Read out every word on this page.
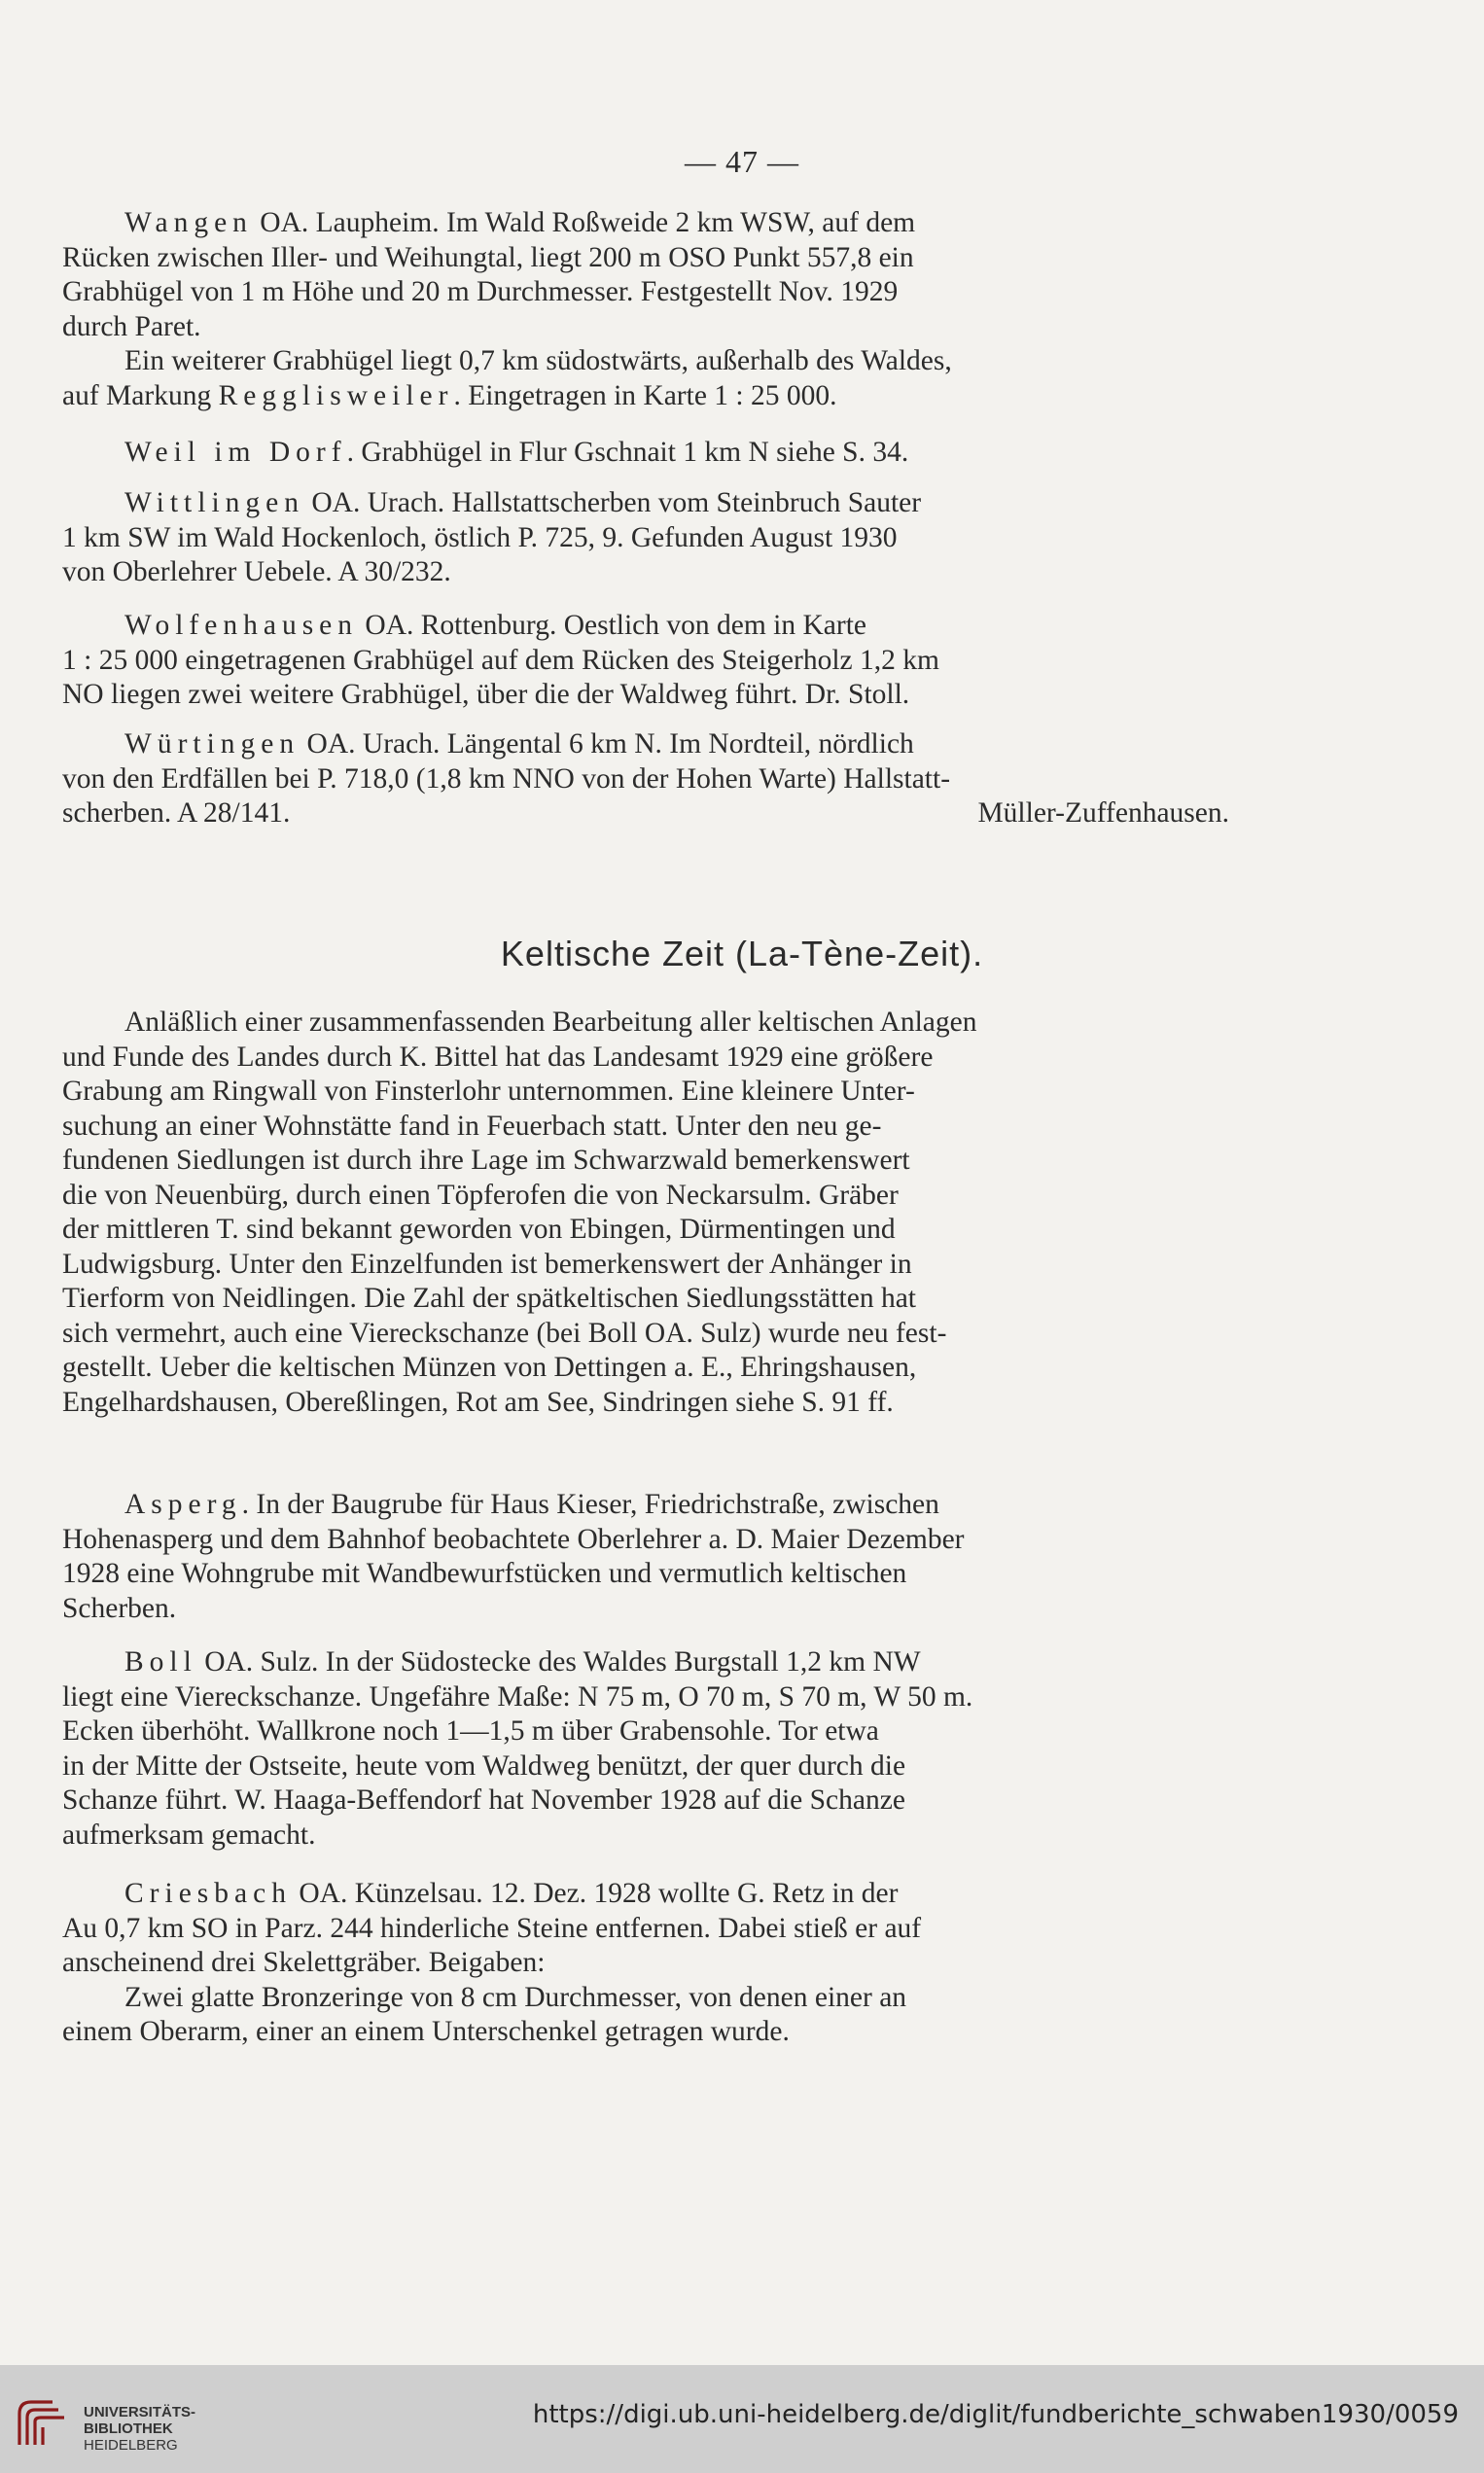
— 47 —

Wangen OA. Laupheim. Im Wald Roßweide 2 km WSW, auf dem

Rücken zwischen Iller- und Weihungtal, liegt 200 m OSO Punkt 557,8 ein

Grabhügel von 1 m Höhe und 20 m Durchmesser. Festgestellt Nov. 1929

durch Paret.

Ein weiterer Grabhügel liegt 0,7 km südostwärts, außerhalb des Waldes,

auf Markung Regglisweiler. Eingetragen in Karte 1 : 25 000.

Weil im Dorf. Grabhügel in Flur Gschnait 1 km N siehe S. 34.

Wittlingen OA. Urach. Hallstattscherben vom Steinbruch Sauter

1 km SW im Wald Hockenloch, östlich P. 725, 9. Gefunden August 1930

von Oberlehrer Uebele. A 30/232.

Wolfenhausen OA. Rottenburg. Oestlich von dem in Karte

1 : 25 000 eingetragenen Grabhügel auf dem Rücken des Steigerholz 1,2 km

NO liegen zwei weitere Grabhügel, über die der Waldweg führt. Dr. Stoll.

Würtingen OA. Urach. Längental 6 km N. Im Nordteil, nördlich

von den Erdfällen bei P. 718,0 (1,8 km NNO von der Hohen Warte) Hallstatt-

scherben. A 28/141.	Müller-Zuffenhausen.

Keltische Zeit (La-Tène-Zeit).

Anläßlich einer zusammenfassenden Bearbeitung aller keltischen Anlagen

und Funde des Landes durch K. Bittel hat das Landesamt 1929 eine größere

Grabung am Ringwall von Finsterlohr unternommen. Eine kleinere Unter-

suchung an einer Wohnstätte fand in Feuerbach statt. Unter den neu ge-

fundenen Siedlungen ist durch ihre Lage im Schwarzwald bemerkenswert

die von Neuenbürg, durch einen Töpferofen die von Neckarsulm. Gräber

der mittleren T. sind bekannt geworden von Ebingen, Dürmentingen und

Ludwigsburg. Unter den Einzelfunden ist bemerkenswert der Anhänger in

Tierform von Neidlingen. Die Zahl der spätkeltischen Siedlungsstätten hat

sich vermehrt, auch eine Viereckschanze (bei Boll OA. Sulz) wurde neu fest-

gestellt. Ueber die keltischen Münzen von Dettingen a. E., Ehringshausen,

Engelhardshausen, Obereßlingen, Rot am See, Sindringen siehe S. 91 ff.

Asperg. In der Baugrube für Haus Kieser, Friedrichstraße, zwischen

Hohenasperg und dem Bahnhof beobachtete Oberlehrer a. D. Maier Dezember

1928 eine Wohngrube mit Wandbewurfstücken und vermutlich keltischen

Scherben.

Boll OA. Sulz. In der Südostecke des Waldes Burgstall 1,2 km NW

liegt eine Viereckschanze. Ungefähre Maße: N 75 m, O 70 m, S 70 m, W 50 m.

Ecken überhöht. Wallkrone noch 1—1,5 m über Grabensohle. Tor etwa

in der Mitte der Ostseite, heute vom Waldweg benützt, der quer durch die

Schanze führt. W. Haaga-Beffendorf hat November 1928 auf die Schanze

aufmerksam gemacht.

Criesbach OA. Künzelsau. 12. Dez. 1928 wollte G. Retz in der

Au 0,7 km SO in Parz. 244 hinderliche Steine entfernen. Dabei stieß er auf

anscheinend drei Skelettgräber. Beigaben:

Zwei glatte Bronzeringe von 8 cm Durchmesser, von denen einer an

einem Oberarm, einer an einem Unterschenkel getragen wurde.

UNIVERSITÄTS-
BIBLIOTHEK
HEIDELBERG
https://digi.ub.uni-heidelberg.de/diglit/fundberichte_schwaben1930/0059
